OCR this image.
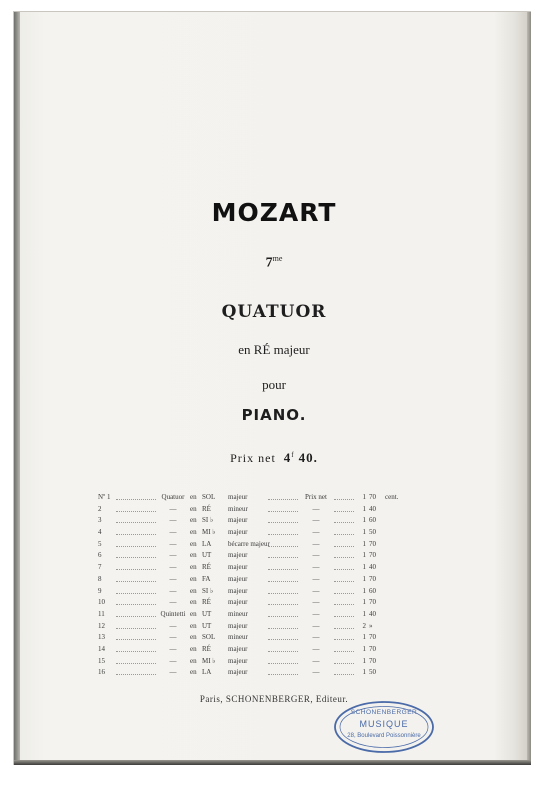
MOZART
$7^{me}$
QUATUOR
en RÉ majeur
pour
PIANO.
Prix net 4$^f$ 40.
Nº 1	Quatuor en SOL majeur	Prix net	1 70 cent.
2	—	en RÉ mineur	—	1 40
3	—	en SI ♭ majeur	—	1 60
4	—	en MI ♭ majeur	—	1 50
5	—	en LA bécarre majeur	—	1 70
6	—	en UT majeur	—	1 70
7	—	en RÉ majeur	—	1 40
8	—	en FA	majeur	—	1 70
9	—	en SI ♭ majeur	—	1 60
10	—	en RÉ majeur	—	1 70
11	Quintetti en UT mineur	—	1 40
12	—	en UT majeur	—	2 »
13	—	en SOL mineur	—	1 70
14	—	en RÉ majeur	—	1 70
15	—	en MI ♭ majeur	—	1 70
16	—	en LA majeur	—	1 50
Paris, SCHONENBERGER, Editeur.
SCHONENBERGER
MUSIQUE
28, Boulevard Poissonnière
